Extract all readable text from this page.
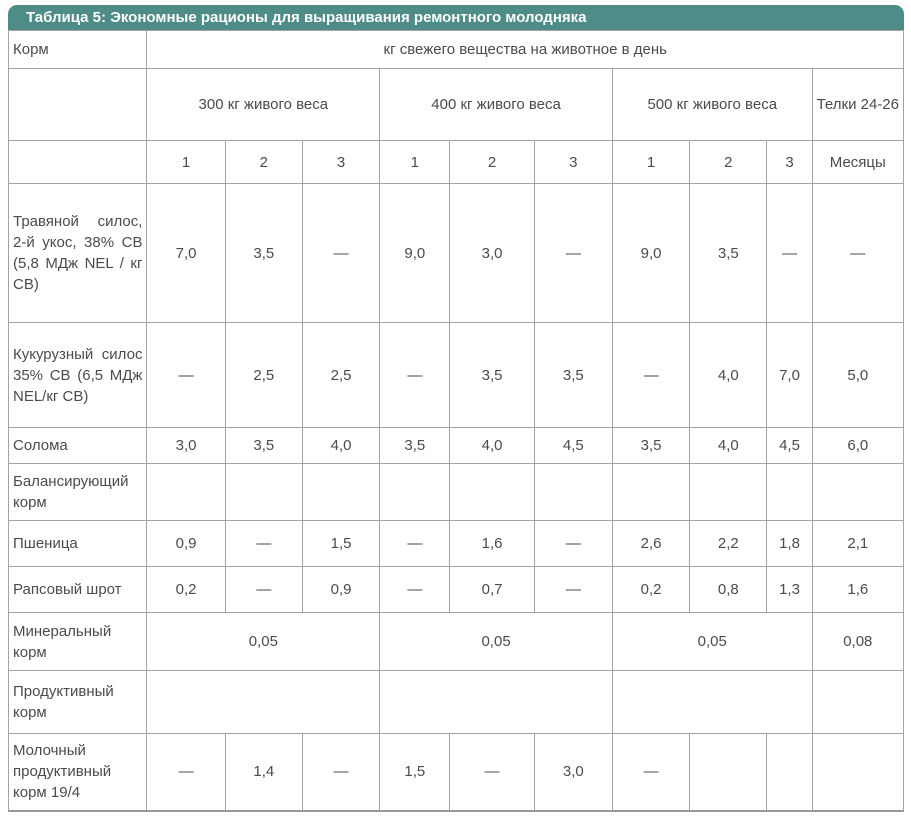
Таблица 5: Экономные рационы для выращивания ремонтного молодняка
Корм	кг свежего вещества на животное в день									
	300 кг живого веса			400 кг живого веса			500 кг живого веса			Телки 24-26
	1	2	3	1	2	3	1	2	3	Месяцы
Травяной силос, 2-й укос, 38% СВ (5,8 МДж NEL / кг СВ)	7,0	3,5	—	9,0	3,0	—	9,0	3,5	—	—
Кукурузный силос 35% СВ (6,5 МДж NEL/кг СВ)	—	2,5	2,5	—	3,5	3,5	—	4,0	7,0	5,0
Солома	3,0	3,5	4,0	3,5	4,0	4,5	3,5	4,0	4,5	6,0
Балансирующий корм										
Пшеница	0,9	—	1,5	—	1,6	—	2,6	2,2	1,8	2,1
Рапсовый шрот	0,2	—	0,9	—	0,7	—	0,2	0,8	1,3	1,6
Минеральный корм	0,05			0,05			0,05			0,08
Продуктивный корм										
Молочный продуктивный корм 19/4	—	1,4	—	1,5	—	3,0	—			
